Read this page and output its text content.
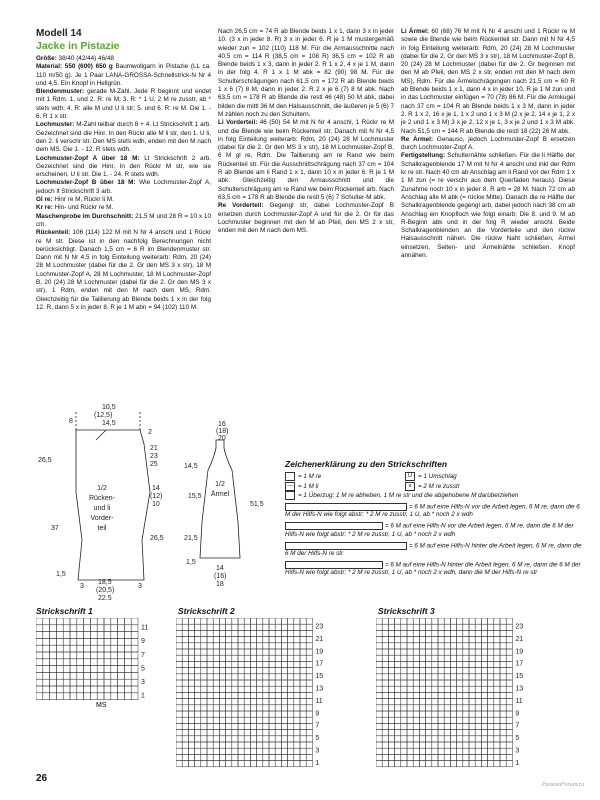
Modell 14
Jacke in Pistazie

Größe: 38/40 (42/44) 46/48

Material: 550 (600) 650 g Baumwollgarn in Pistazie (LL ca. 110 m/50 g). Je 1 Paar LANA-GROSSA-Schnellstrick-N Nr 4 und 4,5. Ein Knopf in Hellgrün.

Blendenmuster: gerade M-Zahl. Jede R beginnt und endet mit 1 Rdm. 1. und 2. R: re M; 3. R: * 1 U, 2 M re zusstr, ab * stets wdh; 4. R: alle M und U li str; 5. und 6. R: re M. Die 1. - 6. R 1 x str.

Lochmuster: M-Zahl teilbar durch 8 + 4. Lt Strickschrift 1 arb. Gezeichnet sind die Hinr. In den Rückr alle M li str, den 1. U li, den 2. li verschr str. Den MS stets wdh, enden mit den M nach dem MS. Die 1. - 12. R stets wdh.

Lochmuster-Zopf A über 18 M: Lt Strickschrift 2 arb. Gezeichnet sind die Hinr. In den Rückr M str, wie sie erscheinen, U li str. Die 1. - 24. R stets wdh.

Lochmuster-Zopf B über 18 M: Wie Lochmuster-Zopf A, jedoch lt Strickschrift 3 arb.

Gl re: Hinr re M, Rückr li M.

Kr re: Hin- und Rückr re M.

Maschenprobe im Durchschnitt: 21,5 M und 28 R = 10 x 10 cm.

Rückenteil: 106 (114) 122 M mit N Nr 4 anschl und 1 Rückr re M str. Diese ist in den nachfolg Berechnungen nicht berücksichtigt. Danach 1,5 cm = 6 R im Blendenmuster str. Dann mit N Nr 4,5 in folg Einteilung weiterarb: Rdm, 20 (24) 28 M Lochmuster (dabei für die 2. Gr den MS 3 x str), 18 M Lochmuster-Zopf A, 28 M Lochmuster, 18 M Lochmuster-Zopf B, 20 (24) 28 M Lochmuster (dabei für die 2. Gr den MS 3 x str), 1 Rdm, enden mit den M nach dem MS, Rdm. Gleichzeitig für die Taillierung ab Blende beids 1 x in der folg 12. R, dann 5 x in jeder 8. R je 1 M abn = 94 (102) 110 M.

Nach 26,5 cm = 74 R ab Blende beids 1 x 1, dann 3 x in jeder 10. (3 x in jeder 8. R) 3 x in jeder 6. R je 1 M mustergemäß wieder zun = 102 (110) 118 M. Für die Armausschnitte nach 40,5 cm = 114 R (38,5 cm = 108 R) 36,5 cm = 102 R ab Blende beids 1 x 3, dann in jeder 2. R 1 x 2, 4 x je 1 M, dann in der folg 4. R 1 x 1 M abk = 82 (90) 98 M. Für die Schulterschrägungen nach 61,5 cm = 172 R ab Blende beids 1 x 6 (7) 8 M, dann in jeder 2. R 2 x je 6 (7) 8 M abk. Nach 63,5 cm = 178 R ab Blende die restl 46 (48) 50 M abk, dabei bilden die mittl 36 M den Halsausschnitt, die äußeren je 5 (6) 7 M zählen noch zu den Schultern.

Li Vorderteil: 46 (50) 54 M mit N Nr 4 anschl, 1 Rückr re M und die Blende wie beim Rückenteil str. Danach mit N Nr 4,5 in folg Einteilung weiterarb: Rdm, 20 (24) 28 M Lochmuster (dabei für die 2. Gr den MS 3 x str), 18 M Lochmuster-Zopf B, 6 M gl re, Rdm. Die Taillierung am re Rand wie beim Rückenteil str. Für die Ausschnittschrägung nach 37 cm = 104 R ab Blende am li Rand 1 x 1, dann 10 x in jeder 6. R je 1 M abk. Gleichzeitig den Armausschnitt und die Schulterschrägung am re Rand wie beim Rückenteil arb. Nach 63,5 cm = 178 R ab Blende die restl 5 (6) 7 Schulter-M abk.

Re Vorderteil: Gegengl str, dabei Lochmuster-Zopf B ersetzen durch Lochmuster-Zopf A und für die 2. Gr für das Lochmuster beginnen mit den M ab Pfeil, den MS 2 x str, enden mit den M nach dem MS.

Li Ärmel: 60 (68) 76 M mit N Nr 4 anschl und 1 Rückr re M sowie die Blende wie beim Rückenteil str. Dann mit N Nr 4,5 in folg Einteilung weiterarb: Rdm, 20 (24) 28 M Lochmuster (dabei für die 2. Gr den MS 3 x str), 18 M Lochmuster-Zopf B, 20 (24) 28 M Lochmuster (dabei für die 2. Gr beginnen mit den M ab Pfeil, den MS 2 x str, enden mit den M nach dem MS), Rdm. Für die Ärmelschrägungen nach 21,5 cm = 60 R ab Blende beids 1 x 1, dann 4 x in jeder 10. R je 1 M zun und in das Lochmuster einfügen = 70 (78) 86 M. Für die Armkugel nach 37 cm = 104 R ab Blende beids 1 x 3 M, dann in jeder 2. R 1 x 2, 16 x je 1, 1 x 2 und 1 x 3 M (2 x je 2, 14 x je 1, 2 x je 2 und 1 x 3 M) 3 x je 2, 12 x je 1, 3 x je 2 und 1 x 3 M abk. Nach 51,5 cm = 144 R ab Blende die restl 18 (22) 26 M abk.

Re Ärmel: Genauso, jedoch Lochmuster-Zopf B ersetzen durch Lochmuster-Zopf A.

Fertigstellung: Schulternähte schließen. Für die li Hälfte der Schalkragenblende 17 M mit N Nr 4 anschl und inkl der Rdm kr re str. Nach 40 cm ab Anschlag am li Rand vor der Rdm 1 x 1 M zun (= re verschr aus dem Querfaden heraus). Diese Zunahme noch 10 x in jeder 8. R arb = 28 M. Nach 72 cm ab Anschlag alle M abk (= rückw Mitte). Danach die re Hälfte der Schalkragenblende gegengl arb, dabei jedoch nach 38 cm ab Anschlag ein Knopfloch wie folgt einarb: Die 8. und 9. M ab R-Beginn abk und in der folg R wieder anschl. Beide Schalkragenblenden an die Vorderteile und den rückw Halsausschnitt nähen. Die rückw Naht schließen, Ärmel einsetzen, Seiten- und Ärmelnähte schließen. Knopf annähen.

10,5
(12,5)
14,5
8
2
26,5
37
21
23
25
14
(12)
10
26,5
1,5
3
18,5
(20,5)
22,5
3
1/2
Rücken-
und li
Vorder-
teil
16
(18)
20
14,5
15,5
21,5
51,5
1,5
14
(16)
18
1/2
Ärmel
Zeichenerklärung zu den Strickschriften
= 1 M re	U = 1 Umschlag
— = 1 M li	∨ = 2 M re zusstr
= 1 Überzug: 1 M re abheben, 1 M re str und die abgehobene M darüberziehen
= 6 M auf eine Hilfs-N vor die Arbeit legen, 6 M re, dann die 6 M der Hilfs-N wie folgt abstr: * 2 M re zusstr, 1 U, ab * noch 2 x wdh
= 6 M auf eine Hilfs-N vor die Arbeit legen, 6 M re, dann die 6 M der Hilfs-N wie folgt abstr: * 2 M re zusstr, 1 U, ab * noch 2 x wdh
= 6 M auf eine Hilfs-N hinter die Arbeit legen, 6 M re, dann die 6 M der Hilfs-N re str
= 6 M auf eine Hilfs-N hinter die Arbeit legen, 6 M re, dann die 6 M der Hilfs-N wie folgt abstr: * 2 M re zusstr, 1 U, ab * noch 2 x wdh, dann die M der Hilfs-N re str
Strickschrift 1	Strickschrift 2	Strickschrift 3
11
9
7
5
3
1
MS
23
21
19
17
15
13
11
9
7
5
3
1
23
21
19
17
15
13
11
9
7
5
3
1
26
PassionForum.ru
